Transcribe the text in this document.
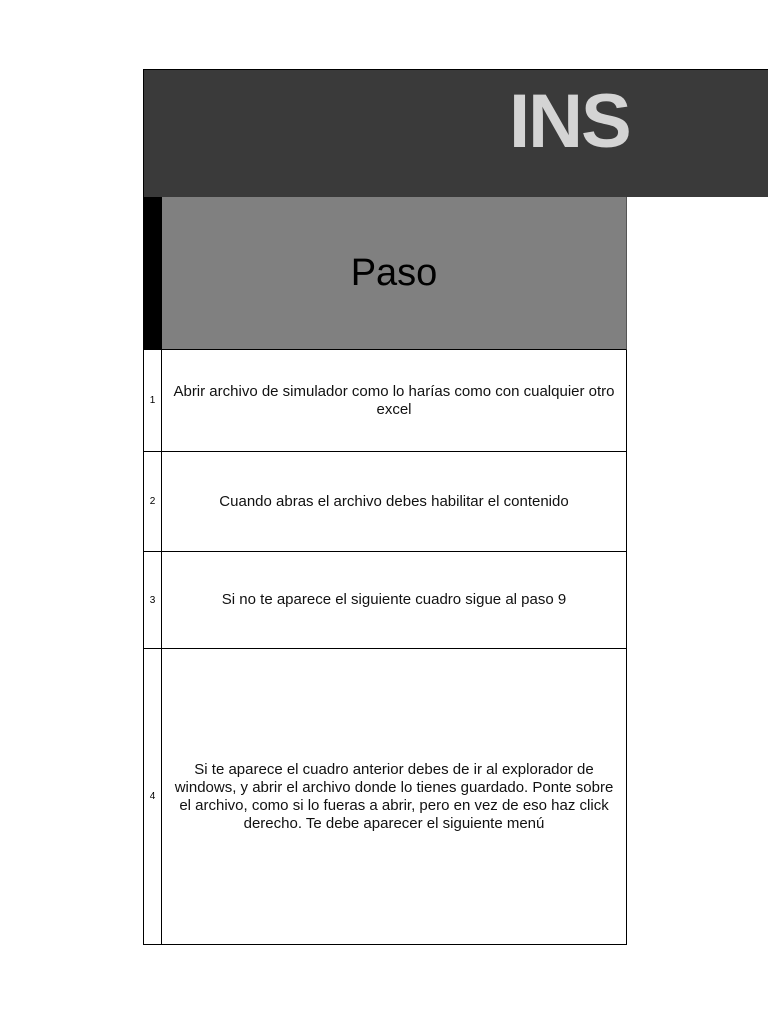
INS
Paso
1
Abrir archivo de simulador como lo harías como con cualquier otro excel
2	Cuando abras el archivo debes habilitar el contenido
3	Si no te aparece el siguiente cuadro sigue al paso 9
4
Si te aparece el cuadro anterior debes de ir al explorador de windows, y abrir el archivo donde lo tienes guardado. Ponte sobre el archivo, como si lo fueras a abrir, pero en vez de eso haz click derecho. Te debe aparecer el siguiente menú
